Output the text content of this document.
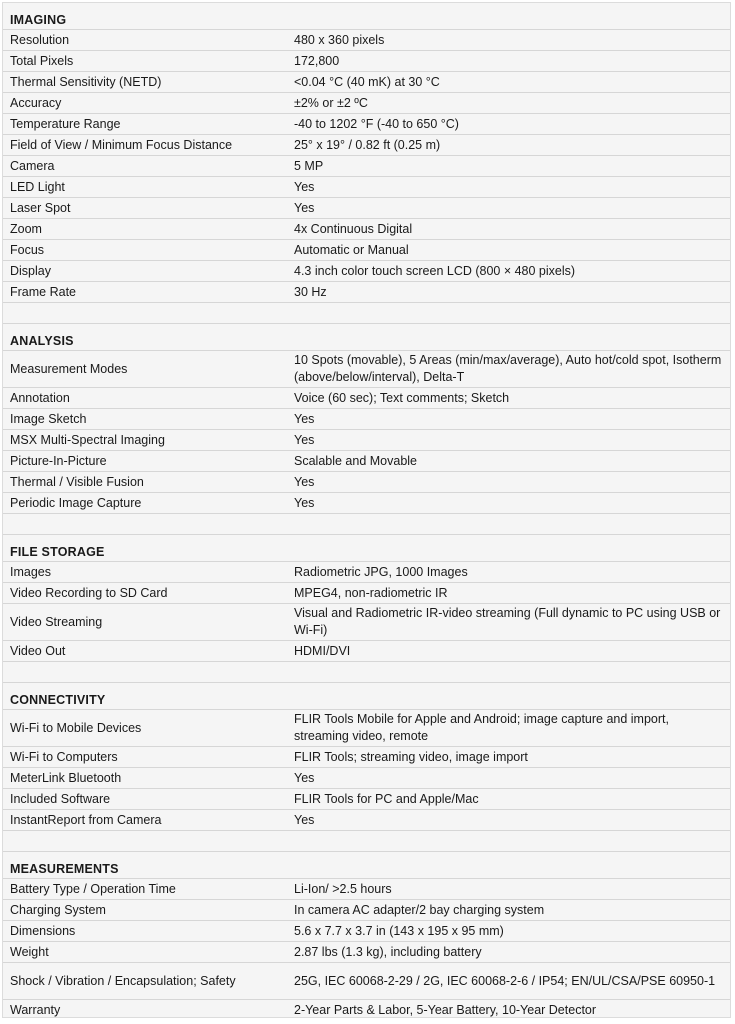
IMAGING	
Resolution	480 x 360 pixels
Total Pixels	172,800
Thermal Sensitivity (NETD)	<0.04 °C (40 mK) at 30 °C
Accuracy	±2% or ±2 ºC
Temperature Range	-40 to 1202 °F (-40 to 650 °C)
Field of View / Minimum Focus Distance	25° x 19° / 0.82 ft (0.25 m)
Camera	5 MP
LED Light	Yes
Laser Spot	Yes
Zoom	4x Continuous Digital
Focus	Automatic or Manual
Display	4.3 inch color touch screen LCD (800 × 480 pixels)
Frame Rate	30 Hz

ANALYSIS	
Measurement Modes	10 Spots (movable), 5 Areas (min/max/average), Auto hot/cold spot, Isotherm (above/below/interval), Delta-T
Annotation	Voice (60 sec); Text comments; Sketch
Image Sketch	Yes
MSX Multi-Spectral Imaging	Yes
Picture-In-Picture	Scalable and Movable
Thermal / Visible Fusion	Yes
Periodic Image Capture	Yes

FILE STORAGE	
Images	Radiometric JPG, 1000 Images
Video Recording to SD Card	MPEG4, non-radiometric IR
Video Streaming	Visual and Radiometric IR-video streaming (Full dynamic to PC using USB or Wi-Fi)
Video Out	HDMI/DVI

CONNECTIVITY	
Wi-Fi to Mobile Devices	FLIR Tools Mobile for Apple and Android; image capture and import, streaming video, remote
Wi-Fi to Computers	FLIR Tools; streaming video, image import
MeterLink Bluetooth	Yes
Included Software	FLIR Tools for PC and Apple/Mac
InstantReport from Camera	Yes

MEASUREMENTS	
Battery Type / Operation Time	Li-Ion/ >2.5 hours
Charging System	In camera AC adapter/2 bay charging system
Dimensions	5.6 x 7.7 x 3.7 in (143 x 195 x 95 mm)
Weight	2.87 lbs (1.3 kg), including battery
Shock / Vibration / Encapsulation; Safety	25G, IEC 60068-2-29 / 2G, IEC 60068-2-6 / IP54; EN/UL/CSA/PSE 60950-1
Warranty	2-Year Parts & Labor, 5-Year Battery, 10-Year Detector
